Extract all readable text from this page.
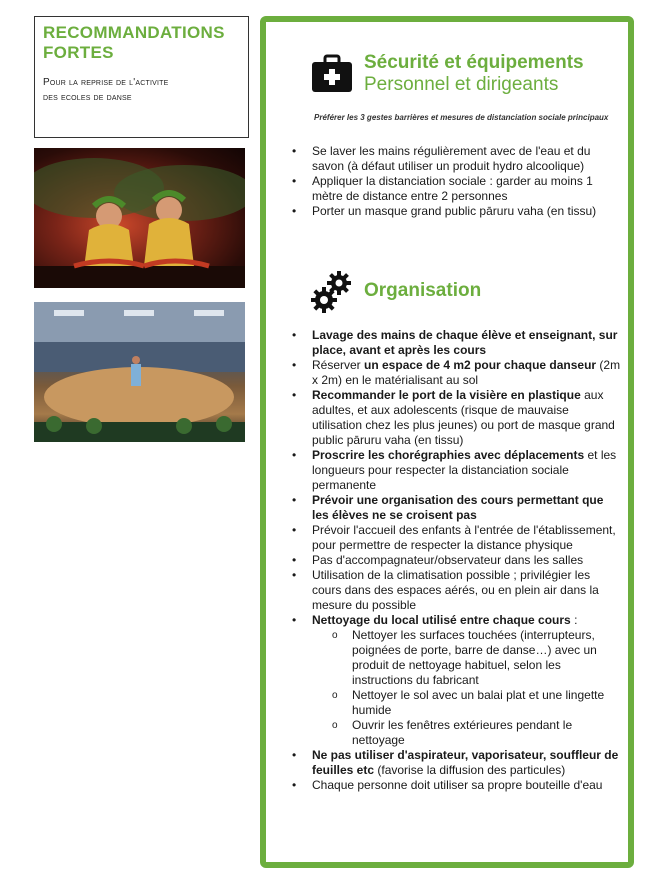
RECOMMANDATIONS FORTES
Pour la reprise de l'activite
des ecoles de danse
Sécurité et équipements
Personnel et dirigeants
Préférer les 3 gestes barrières et mesures de distanciation sociale principaux
• Se laver les mains régulièrement avec de l'eau et du savon (à défaut utiliser un produit hydro alcoolique)
• Appliquer la distanciation sociale : garder au moins 1 mètre de distance entre 2 personnes
• Porter un masque grand public pāruru vaha (en tissu)
Organisation
• Lavage des mains de chaque élève et enseignant, sur place, avant et après les cours
• Réserver un espace de 4 m2 pour chaque danseur (2m x 2m) en le matérialisant au sol
• Recommander le port de la visière en plastique aux adultes, et aux adolescents (risque de mauvaise utilisation chez les plus jeunes) ou port de masque grand public pāruru vaha (en tissu)
• Proscrire les chorégraphies avec déplacements et les longueurs pour respecter la distanciation sociale permanente
• Prévoir une organisation des cours permettant que les élèves ne se croisent pas
• Prévoir l'accueil des enfants à l'entrée de l'établissement, pour permettre de respecter la distance physique
• Pas d'accompagnateur/observateur dans les salles
• Utilisation de la climatisation possible ; privilégier les cours dans des espaces aérés, ou en plein air dans la mesure du possible
• Nettoyage du local utilisé entre chaque cours :
o Nettoyer les surfaces touchées (interrupteurs, poignées de porte, barre de danse…) avec un produit de nettoyage habituel, selon les instructions du fabricant
o Nettoyer le sol avec un balai plat et une lingette humide
o Ouvrir les fenêtres extérieures pendant le nettoyage
• Ne pas utiliser d'aspirateur, vaporisateur, souffleur de feuilles etc (favorise la diffusion des particules)
• Chaque personne doit utiliser sa propre bouteille d'eau
